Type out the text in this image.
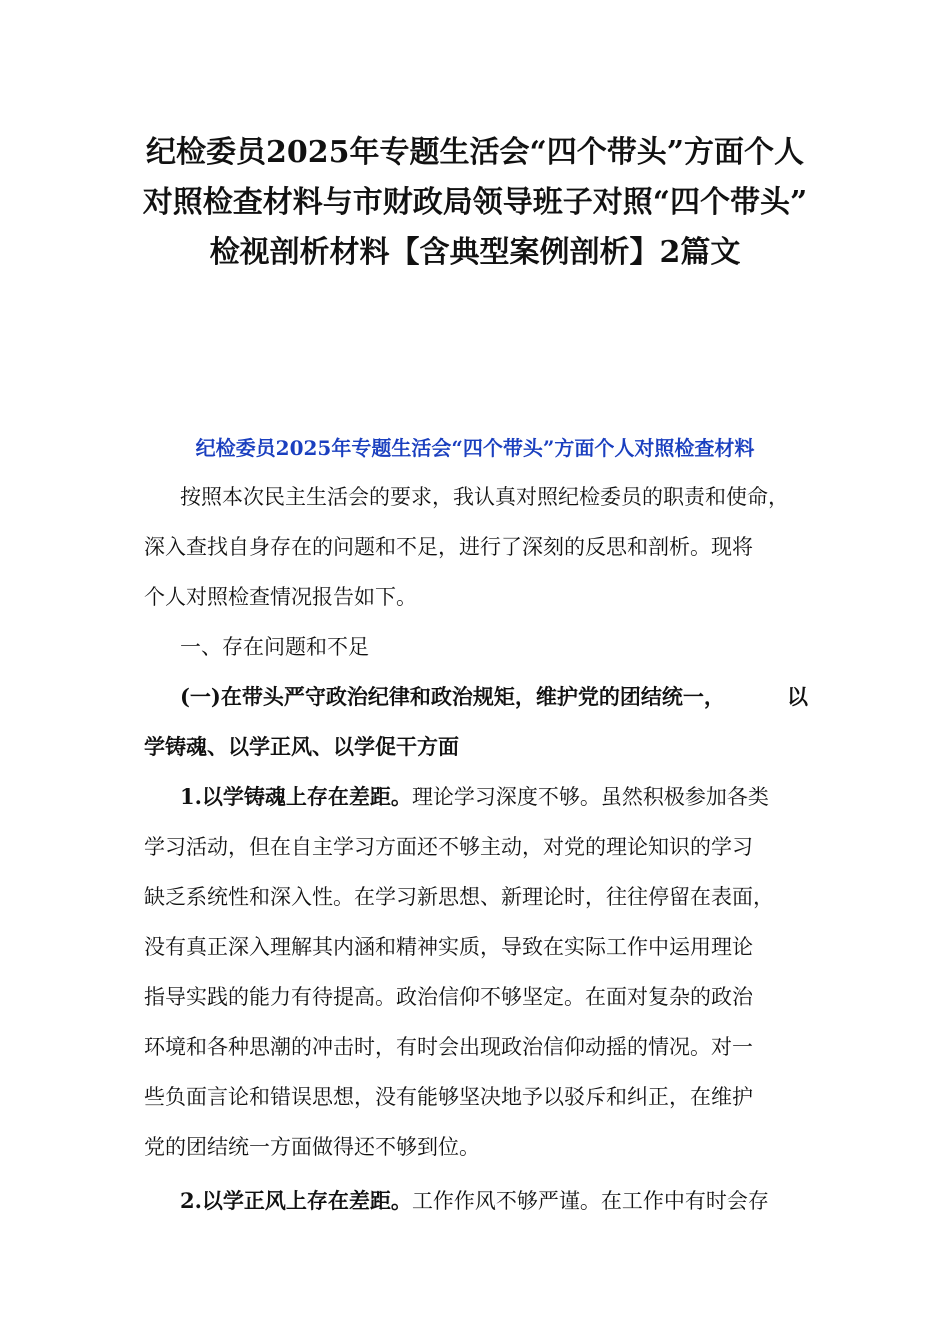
纪检委员2025年专题生活会“四个带头”方面个人
对照检查材料与市财政局领导班子对照“四个带头”
检视剖析材料【含典型案例剖析】2篇文
纪检委员2025年专题生活会“四个带头”方面个人对照检查材料
按照本次民主生活会的要求，我认真对照纪检委员的职责和使命，
深入查找自身存在的问题和不足，进行了深刻的反思和剖析。现将
个人对照检查情况报告如下。
一、存在问题和不足
(一)在带头严守政治纪律和政治规矩，维护党的团结统一，	以
学铸魂、以学正风、以学促干方面
1.以学铸魂上存在差距。理论学习深度不够。虽然积极参加各类
学习活动，但在自主学习方面还不够主动，对党的理论知识的学习
缺乏系统性和深入性。在学习新思想、新理论时，往往停留在表面，
没有真正深入理解其内涵和精神实质，导致在实际工作中运用理论
指导实践的能力有待提高。政治信仰不够坚定。在面对复杂的政治
环境和各种思潮的冲击时，有时会出现政治信仰动摇的情况。对一
些负面言论和错误思想，没有能够坚决地予以驳斥和纠正，在维护
党的团结统一方面做得还不够到位。
2.以学正风上存在差距。工作作风不够严谨。在工作中有时会存
